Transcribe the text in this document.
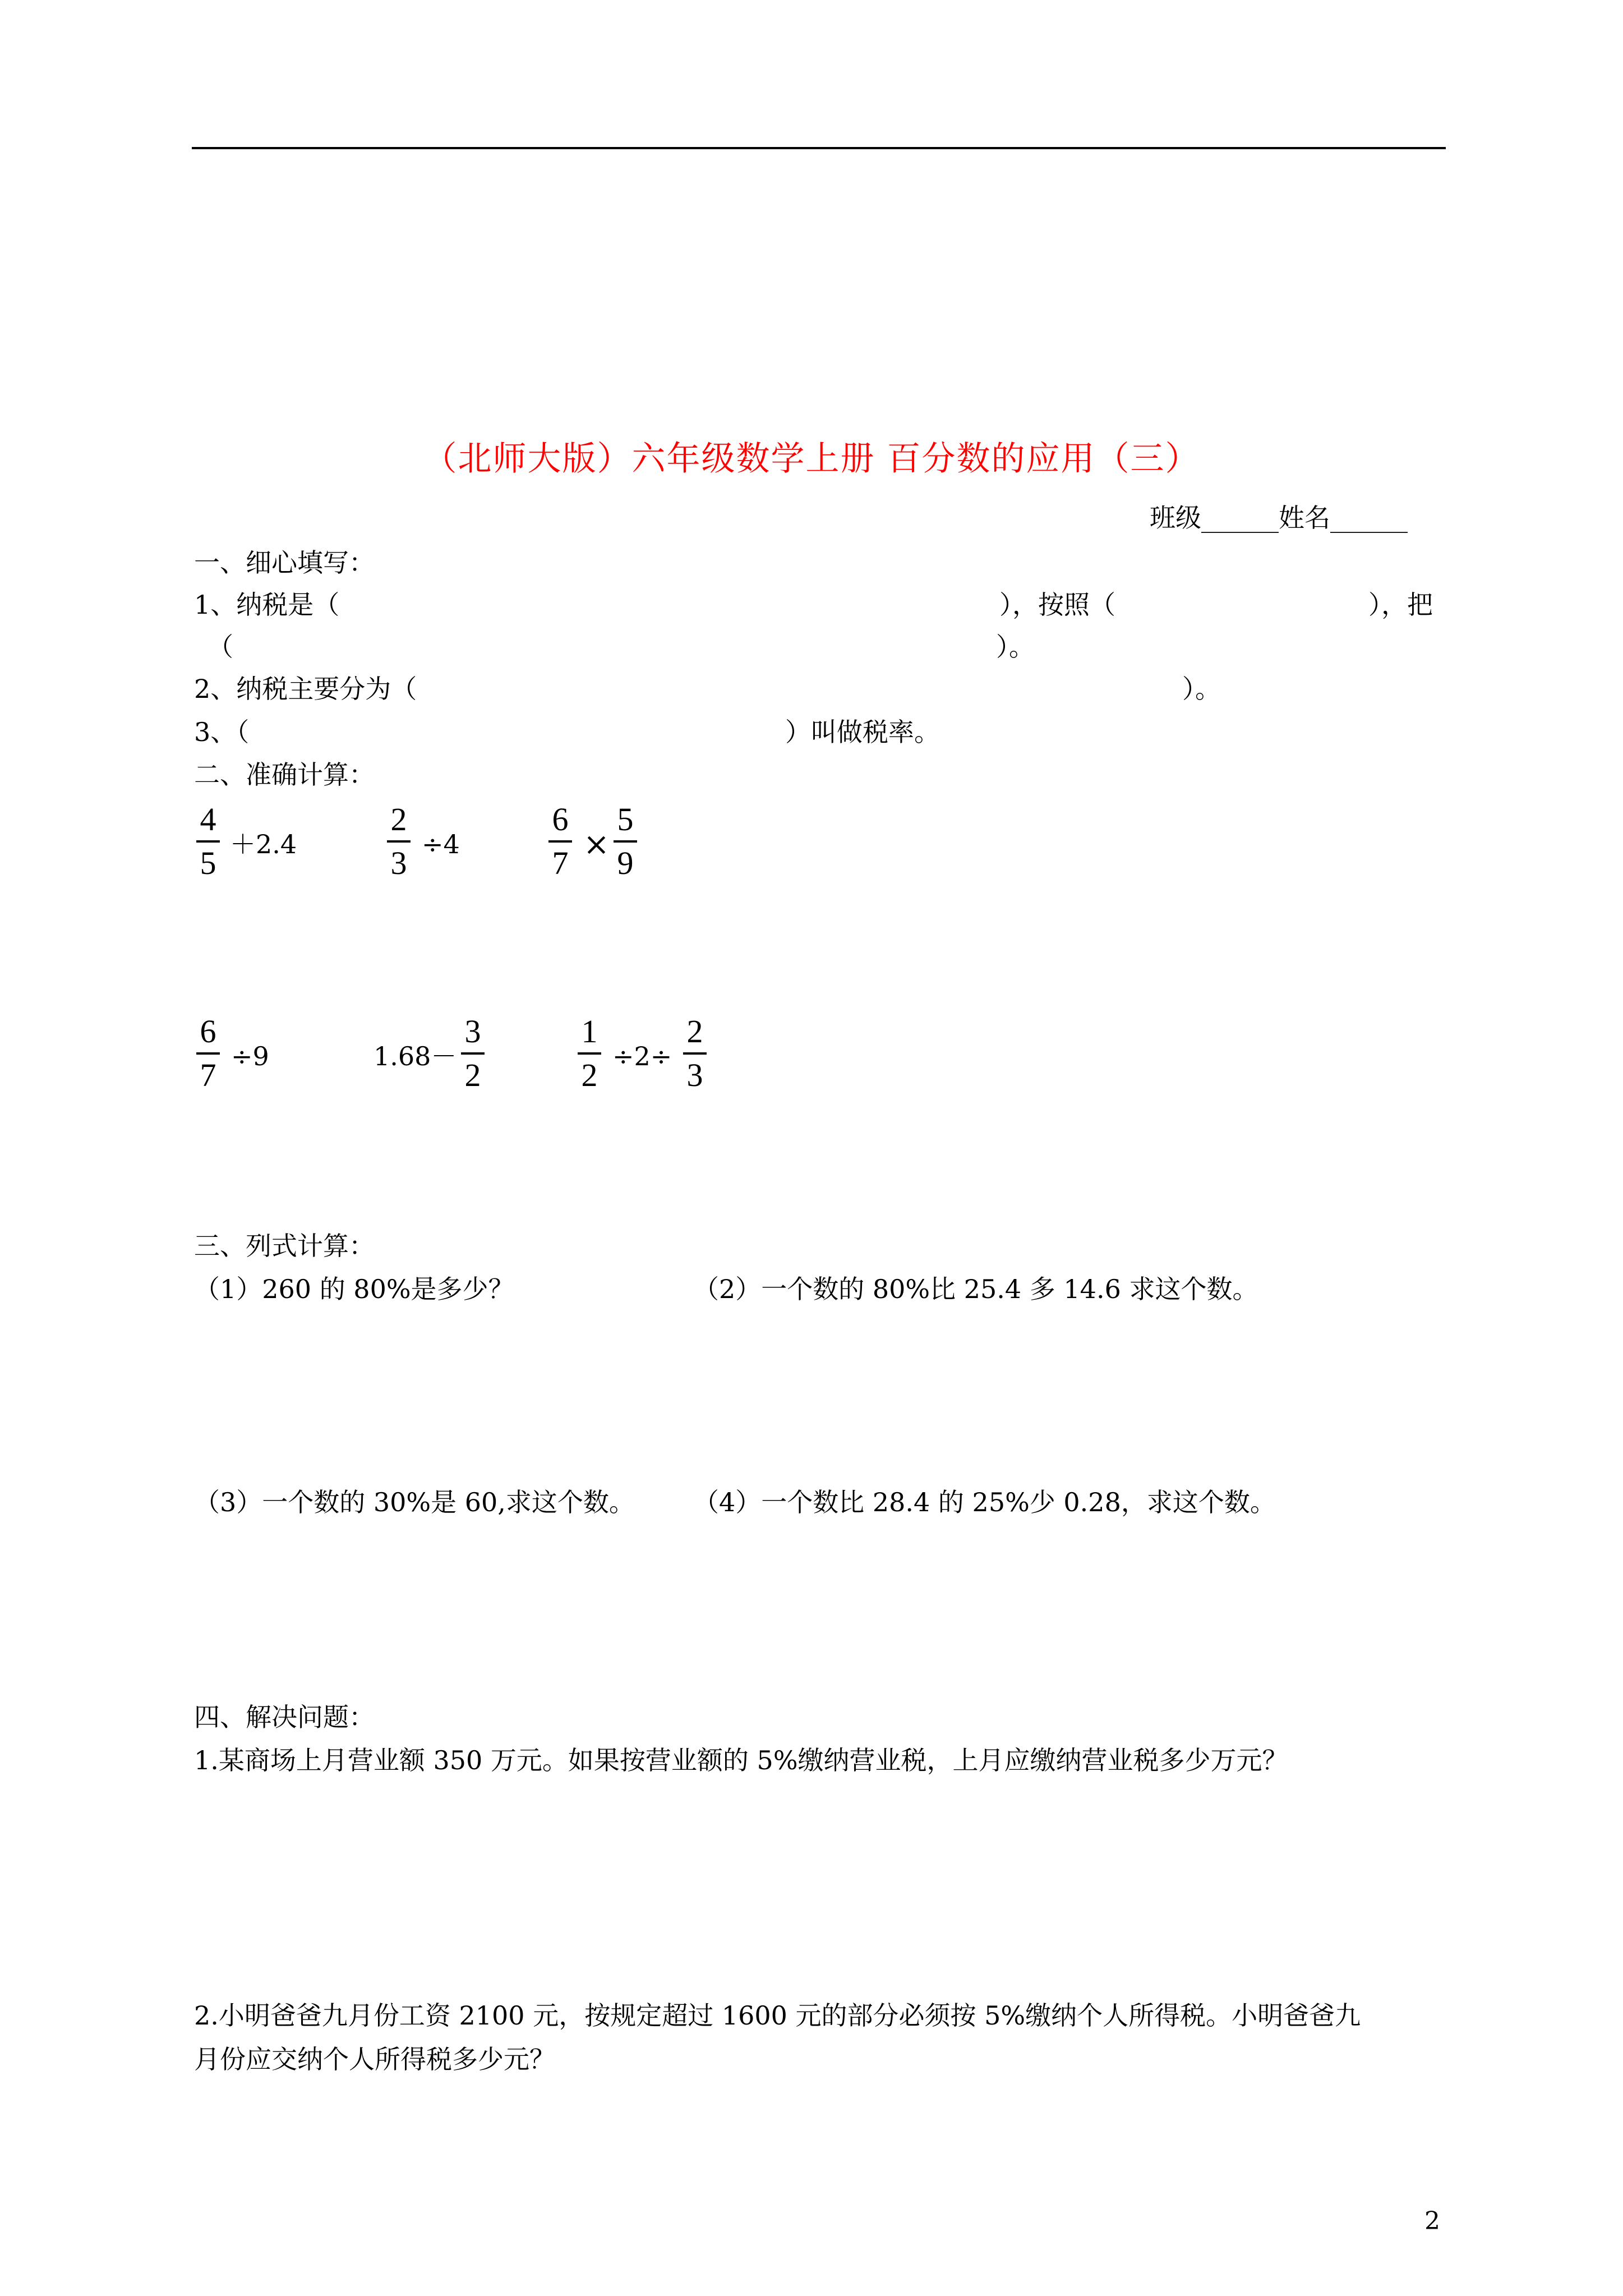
（北师大版）六年级数学上册 百分数的应用（三）
班级______姓名______
一、细心填写：
1、纳税是（	），按照（	），把
（	）。
2、纳税主要分为（	）。
3、（	）叫做税率。
二、准确计算：
4
5
＋2.4
2
3
÷4
6
7
×
5
9
6
7
÷9	1.68－
3
2
1
2
÷2÷
2
3
三、列式计算：
（1）260 的 80%是多少？	（2）一个数的 80%比 25.4 多 14.6 求这个数。
（3）一个数的 30%是 60,求这个数。 （4）一个数比 28.4 的 25%少 0.28，求这个数。
四、解决问题：
1.某商场上月营业额 350 万元。如果按营业额的 5%缴纳营业税，上月应缴纳营业税多少万元？
2.小明爸爸九月份工资 2100 元，按规定超过 1600 元的部分必须按 5%缴纳个人所得税。小明爸爸九
月份应交纳个人所得税多少元？
2
